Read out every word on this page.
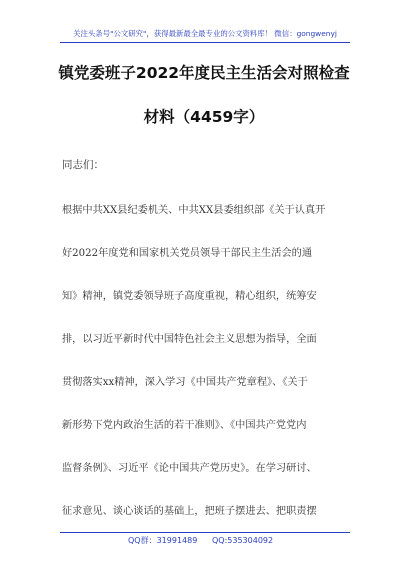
关注头条号"公文研究"，获得最新最全最专业的公文资料库！ 微信：gongwenyj
镇党委班子2022年度民主生活会对照检查
材料（4459字）
同志们：
根据中共XX县纪委机关、中共XX县委组织部《关于认真开
好2022年度党和国家机关党员领导干部民主生活会的通
知》精神，镇党委领导班子高度重视，精心组织，统筹安
排，以习近平新时代中国特色社会主义思想为指导，全面
贯彻落实xx精神，深入学习《中国共产党章程》、《关于
新形势下党内政治生活的若干准则》、《中国共产党党内
监督条例》、习近平《论中国共产党历史》。在学习研讨、
征求意见、谈心谈话的基础上，把班子摆进去、把职责摆
QQ群：31991489 QQ:535304092
